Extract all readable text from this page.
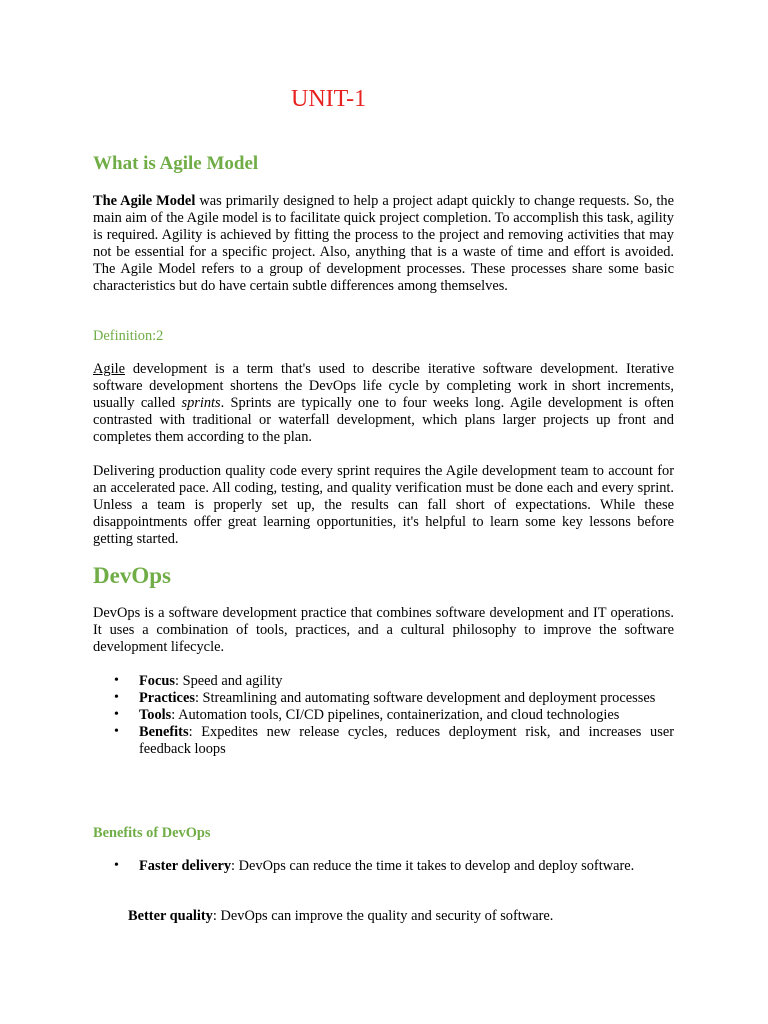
UNIT-1
What is Agile Model

The Agile Model was primarily designed to help a project adapt quickly to change requests. So, the main aim of the Agile model is to facilitate quick project completion. To accomplish this task, agility is required. Agility is achieved by fitting the process to the project and removing activities that may not be essential for a specific project. Also, anything that is a waste of time and effort is avoided. The Agile Model refers to a group of development processes. These processes share some basic characteristics but do have certain subtle differences among themselves.

Definition:2

Agile development is a term that's used to describe iterative software development. Iterative software development shortens the DevOps life cycle by completing work in short increments, usually called sprints. Sprints are typically one to four weeks long. Agile development is often contrasted with traditional or waterfall development, which plans larger projects up front and completes them according to the plan.

Delivering production quality code every sprint requires the Agile development team to account for an accelerated pace. All coding, testing, and quality verification must be done each and every sprint. Unless a team is properly set up, the results can fall short of expectations. While these disappointments offer great learning opportunities, it's helpful to learn some key lessons before getting started.

DevOps

DevOps is a software development practice that combines software development and IT operations. It uses a combination of tools, practices, and a cultural philosophy to improve the software development lifecycle.

• Focus: Speed and agility
• Practices: Streamlining and automating software development and deployment processes
• Tools: Automation tools, CI/CD pipelines, containerization, and cloud technologies
• Benefits: Expedites new release cycles, reduces deployment risk, and increases user feedback loops
Benefits of DevOps
• Faster delivery: DevOps can reduce the time it takes to develop and deploy software.

Better quality: DevOps can improve the quality and security of software.
